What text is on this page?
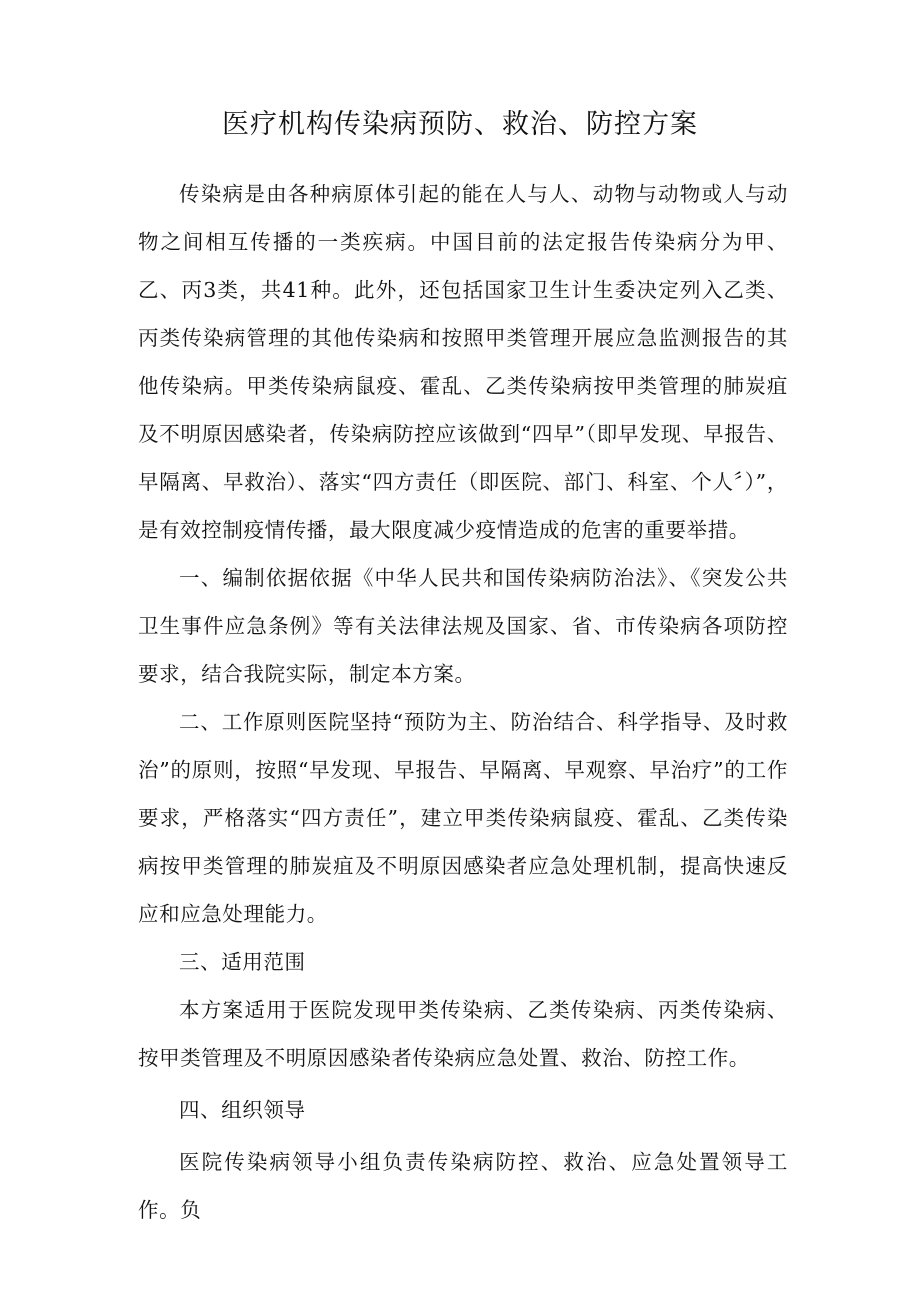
医疗机构传染病预防、救治、防控方案

传染病是由各种病原体引起的能在人与人、动物与动物或人与动物之间相互传播的一类疾病。中国目前的法定报告传染病分为甲、乙、丙3类，共41种。此外，还包括国家卫生计生委决定列入乙类、丙类传染病管理的其他传染病和按照甲类管理开展应急监测报告的其他传染病。甲类传染病鼠疫、霍乱、乙类传染病按甲类管理的肺炭疽及不明原因感染者，传染病防控应该做到“四早”（即早发现、早报告、早隔离、早救治）、落实“四方责任（即医院、部门、科室、个人〞）”，是有效控制疫情传播，最大限度减少疫情造成的危害的重要举措。

一、编制依据依据《中华人民共和国传染病防治法》、《突发公共卫生事件应急条例》等有关法律法规及国家、省、市传染病各项防控要求，结合我院实际，制定本方案。

二、工作原则医院坚持“预防为主、防治结合、科学指导、及时救治”的原则，按照“早发现、早报告、早隔离、早观察、早治疗”的工作要求，严格落实“四方责任”，建立甲类传染病鼠疫、霍乱、乙类传染病按甲类管理的肺炭疽及不明原因感染者应急处理机制，提高快速反应和应急处理能力。

三、适用范围

本方案适用于医院发现甲类传染病、乙类传染病、丙类传染病、按甲类管理及不明原因感染者传染病应急处置、救治、防控工作。

四、组织领导

医院传染病领导小组负责传染病防控、救治、应急处置领导工作。负
